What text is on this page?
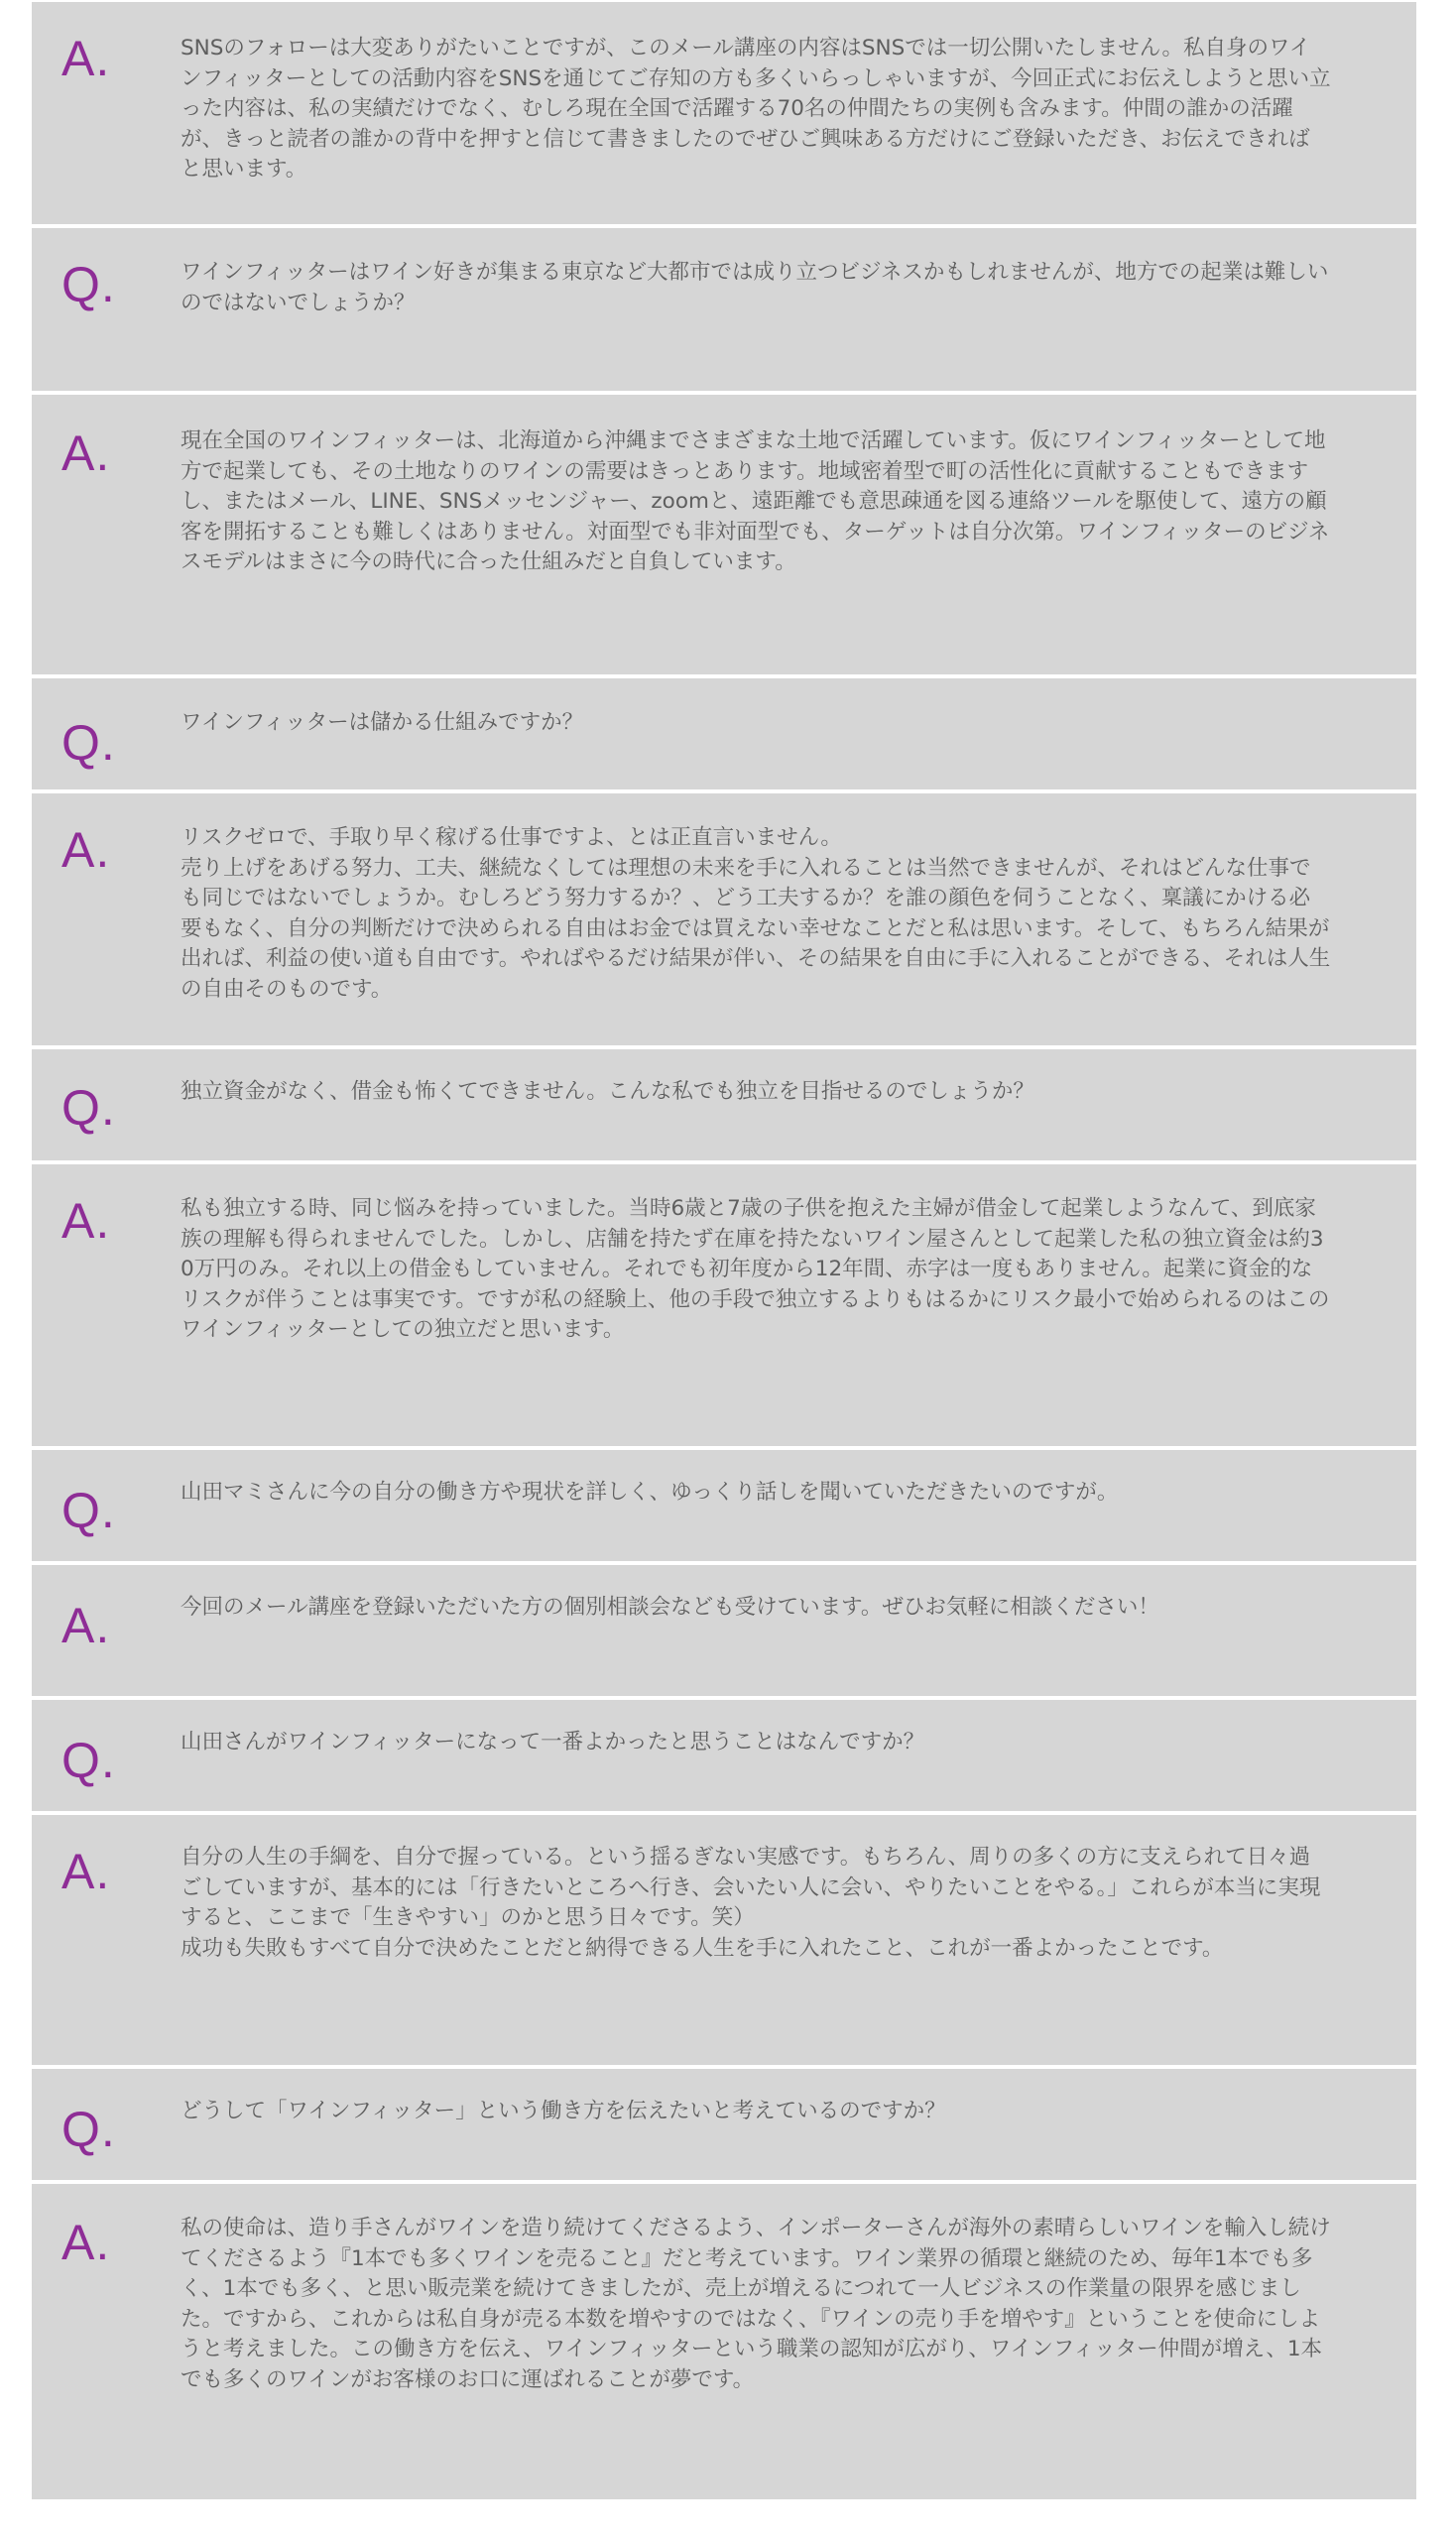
A.	SNSのフォローは大変ありがたいことですが、このメール講座の内容はSNSでは一切公開いたしません。私自身のワインフィッターとしての活動内容をSNSを通じてご存知の方も多くいらっしゃいますが、今回正式にお伝えしようと思い立った内容は、私の実績だけでなく、むしろ現在全国で活躍する70名の仲間たちの実例も含みます。仲間の誰かの活躍が、きっと読者の誰かの背中を押すと信じて書きましたのでぜひご興味ある方だけにご登録いただき、お伝えできればと思います。
Q.	ワインフィッターはワイン好きが集まる東京など大都市では成り立つビジネスかもしれませんが、地方での起業は難しいのではないでしょうか？
A.	現在全国のワインフィッターは、北海道から沖縄までさまざまな土地で活躍しています。仮にワインフィッターとして地方で起業しても、その土地なりのワインの需要はきっとあります。地域密着型で町の活性化に貢献することもできますし、またはメール、LINE、SNSメッセンジャー、zoomと、遠距離でも意思疎通を図る連絡ツールを駆使して、遠方の顧客を開拓することも難しくはありません。対面型でも非対面型でも、ターゲットは自分次第。ワインフィッターのビジネスモデルはまさに今の時代に合った仕組みだと自負しています。
Q.	ワインフィッターは儲かる仕組みですか？
A.	リスクゼロで、手取り早く稼げる仕事ですよ、とは正直言いません。
売り上げをあげる努力、工夫、継続なくしては理想の未来を手に入れることは当然できませんが、それはどんな仕事でも同じではないでしょうか。むしろどう努力するか？、どう工夫するか？を誰の顔色を伺うことなく、稟議にかける必要もなく、自分の判断だけで決められる自由はお金では買えない幸せなことだと私は思います。そして、もちろん結果が出れば、利益の使い道も自由です。やればやるだけ結果が伴い、その結果を自由に手に入れることができる、それは人生の自由そのものです。
Q.	独立資金がなく、借金も怖くてできません。こんな私でも独立を目指せるのでしょうか？
A.	私も独立する時、同じ悩みを持っていました。当時6歳と7歳の子供を抱えた主婦が借金して起業しようなんて、到底家族の理解も得られませんでした。しかし、店舗を持たず在庫を持たないワイン屋さんとして起業した私の独立資金は約30万円のみ。それ以上の借金もしていません。それでも初年度から12年間、赤字は一度もありません。起業に資金的なリスクが伴うことは事実です。ですが私の経験上、他の手段で独立するよりもはるかにリスク最小で始められるのはこのワインフィッターとしての独立だと思います。
Q.	山田マミさんに今の自分の働き方や現状を詳しく、ゆっくり話しを聞いていただきたいのですが。
A.	今回のメール講座を登録いただいた方の個別相談会なども受けています。ぜひお気軽に相談ください！
Q.	山田さんがワインフィッターになって一番よかったと思うことはなんですか？
A.	自分の人生の手綱を、自分で握っている。という揺るぎない実感です。もちろん、周りの多くの方に支えられて日々過ごしていますが、基本的には「行きたいところへ行き、会いたい人に会い、やりたいことをやる。」これらが本当に実現すると、ここまで「生きやすい」のかと思う日々です。笑）
成功も失敗もすべて自分で決めたことだと納得できる人生を手に入れたこと、これが一番よかったことです。
Q.	どうして「ワインフィッター」という働き方を伝えたいと考えているのですか？
A.	私の使命は、造り手さんがワインを造り続けてくださるよう、インポーターさんが海外の素晴らしいワインを輸入し続けてくださるよう『1本でも多くワインを売ること』だと考えています。ワイン業界の循環と継続のため、毎年1本でも多く、1本でも多く、と思い販売業を続けてきましたが、売上が増えるにつれて一人ビジネスの作業量の限界を感じました。ですから、これからは私自身が売る本数を増やすのではなく、『ワインの売り手を増やす』ということを使命にしようと考えました。この働き方を伝え、ワインフィッターという職業の認知が広がり、ワインフィッター仲間が増え、1本でも多くのワインがお客様のお口に運ばれることが夢です。
